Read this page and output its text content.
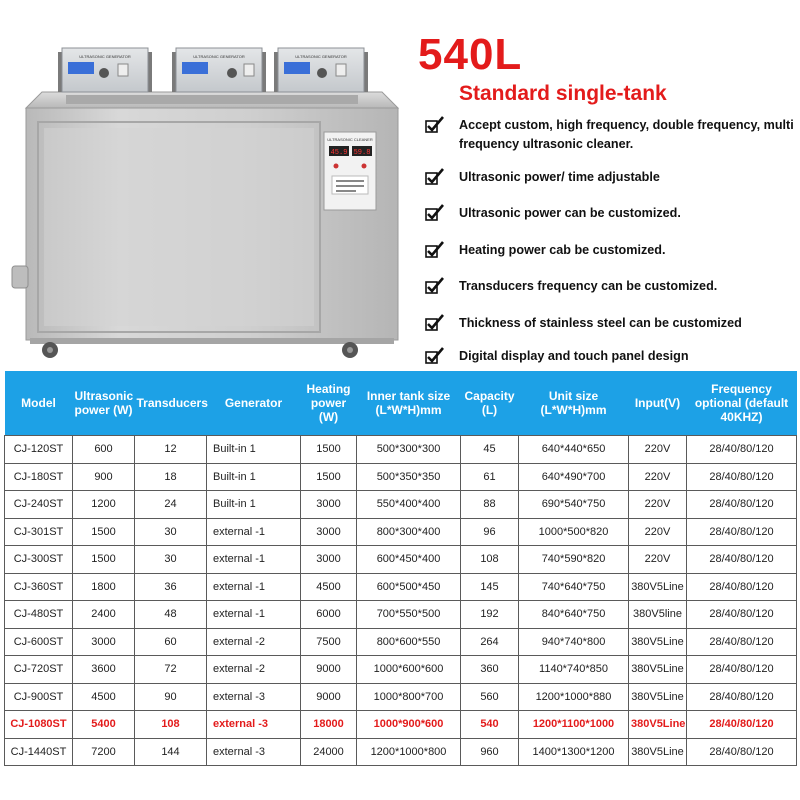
ULTRASONIC CLEANER
45.9 59.8
ULTRASONIC GENERATOR	ULTRASONIC GENERATOR	ULTRASONIC GENERATOR 540L
Standard single-tank
Accept custom, high frequency, double frequency, multi frequency ultrasonic cleaner.
Ultrasonic power/ time adjustable
Ultrasonic power can be customized.
Heating power cab be customized.
Transducers frequency can be customized.
Thickness of stainless steel can be customized
Digital display and touch panel design
Model	Ultrasonic power (W)	Transducers	Generator	Heating power (W)	Inner tank size (L*W*H)mm	Capacity (L)	Unit size (L*W*H)mm	Input(V)	Frequency optional (default 40KHZ)
CJ-120ST	600	12	Built-in 1	1500	500*300*300	45	640*440*650	220V	28/40/80/120
CJ-180ST	900	18	Built-in 1	1500	500*350*350	61	640*490*700	220V	28/40/80/120
CJ-240ST	1200	24	Built-in 1	3000	550*400*400	88	690*540*750	220V	28/40/80/120
CJ-301ST	1500	30	external -1	3000	800*300*400	96	1000*500*820	220V	28/40/80/120
CJ-300ST	1500	30	external -1	3000	600*450*400	108	740*590*820	220V	28/40/80/120
CJ-360ST	1800	36	external -1	4500	600*500*450	145	740*640*750	380V5Line	28/40/80/120
CJ-480ST	2400	48	external -1	6000	700*550*500	192	840*640*750	380V5line	28/40/80/120
CJ-600ST	3000	60	external -2	7500	800*600*550	264	940*740*800	380V5Line	28/40/80/120
CJ-720ST	3600	72	external -2	9000	1000*600*600	360	1140*740*850	380V5Line	28/40/80/120
CJ-900ST	4500	90	external -3	9000	1000*800*700	560	1200*1000*880	380V5Line	28/40/80/120
CJ-1080ST	5400	108	external -3	18000	1000*900*600	540	1200*1100*1000	380V5Line	28/40/80/120
CJ-1440ST	7200	144	external -3	24000	1200*1000*800	960	1400*1300*1200	380V5Line	28/40/80/120
